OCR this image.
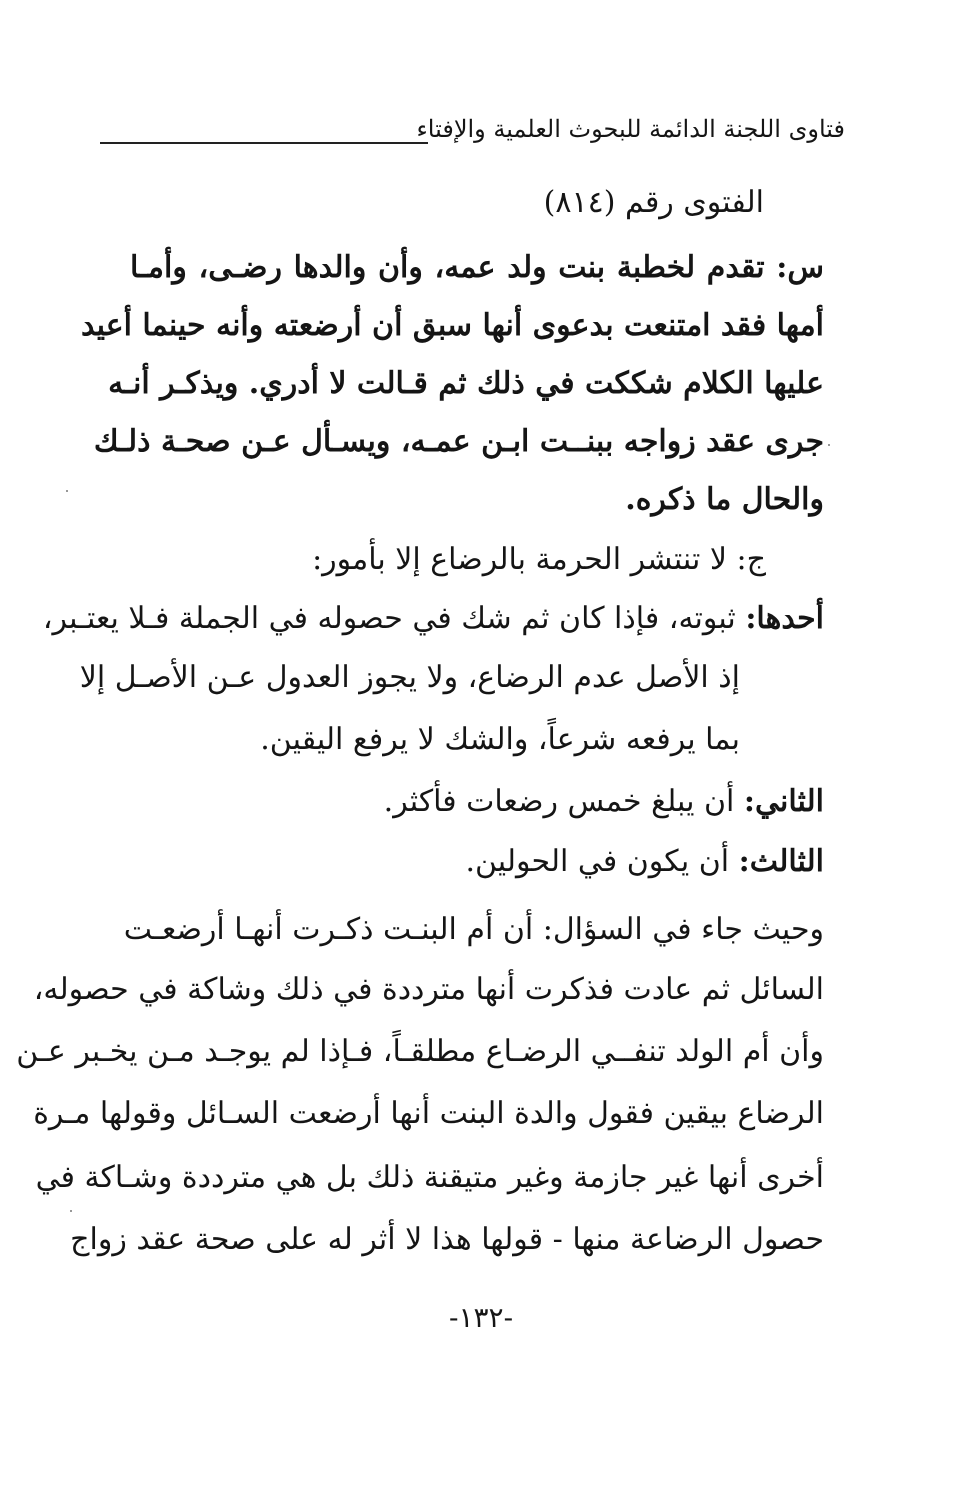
فتاوى اللجنة الدائمة للبحوث العلمية والإفتاء
الفتوى رقم (٨١٤)
س: تقدم لخطبة بنت ولد عمه، وأن والدها رضـى، وأمـا
أمها فقد امتنعت بدعوى أنها سبق أن أرضعته وأنه حينما أعيد
عليها الكلام شككت في ذلك ثم قـالت لا أدري. ويذكـر أنـه
جرى عقد زواجه ببنــت ابـن عمـه، ويسـأل عـن صحـة ذلـك
والحال ما ذكره.
ج: لا تنتشر الحرمة بالرضاع إلا بأمور:
أحدها: ثبوته، فإذا كان ثم شك في حصوله في الجملة فـلا يعتـبر،
إذ الأصل عدم الرضاع، ولا يجوز العدول عـن الأصـل إلا
بما يرفعه شرعاً، والشك لا يرفع اليقين.
الثاني: أن يبلغ خمس رضعات فأكثر.
الثالث: أن يكون في الحولين.
وحيث جاء في السؤال: أن أم البنـت ذكـرت أنهـا أرضعـت
السائل ثم عادت فذكرت أنها مترددة في ذلك وشاكة في حصوله،
وأن أم الولد تنفــي الرضـاع مطلقـاً، فـإذا لم يوجـد مـن يخـبر عـن
الرضاع بيقين فقول والدة البنت أنها أرضعت السـائل وقولها مـرة
أخرى أنها غير جازمة وغير متيقنة ذلك بل هي مترددة وشـاكة في
حصول الرضاعة منها - قولها هذا لا أثر له على صحة عقد زواج
-١٣٢-
